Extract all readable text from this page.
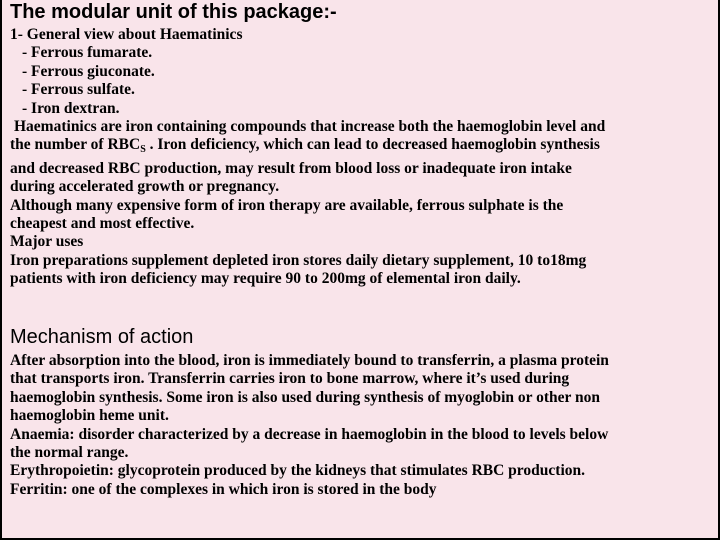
The modular unit of this package:-
1- General view about Haematinics
- Ferrous fumarate.
- Ferrous giuconate.
- Ferrous sulfate.
- Iron dextran.
Haematinics are iron containing compounds that increase both the haemoglobin level and
the number of RBCS . Iron deficiency, which can lead to decreased haemoglobin synthesis
and decreased RBC production, may result from blood loss or inadequate iron intake
during accelerated growth or pregnancy.
Although many expensive form of iron therapy are available, ferrous sulphate is the
cheapest and most effective.
Major uses
Iron preparations supplement depleted iron stores daily dietary supplement, 10 to18mg
patients with iron deficiency may require 90 to 200mg of elemental iron daily.
Mechanism of action
After absorption into the blood, iron is immediately bound to transferrin, a plasma protein
that transports iron. Transferrin carries iron to bone marrow, where it’s used during
haemoglobin synthesis. Some iron is also used during synthesis of myoglobin or other non
haemoglobin heme unit.
Anaemia: disorder characterized by a decrease in haemoglobin in the blood to levels below
the normal range.
Erythropoietin: glycoprotein produced by the kidneys that stimulates RBC production.
Ferritin: one of the complexes in which iron is stored in the body
